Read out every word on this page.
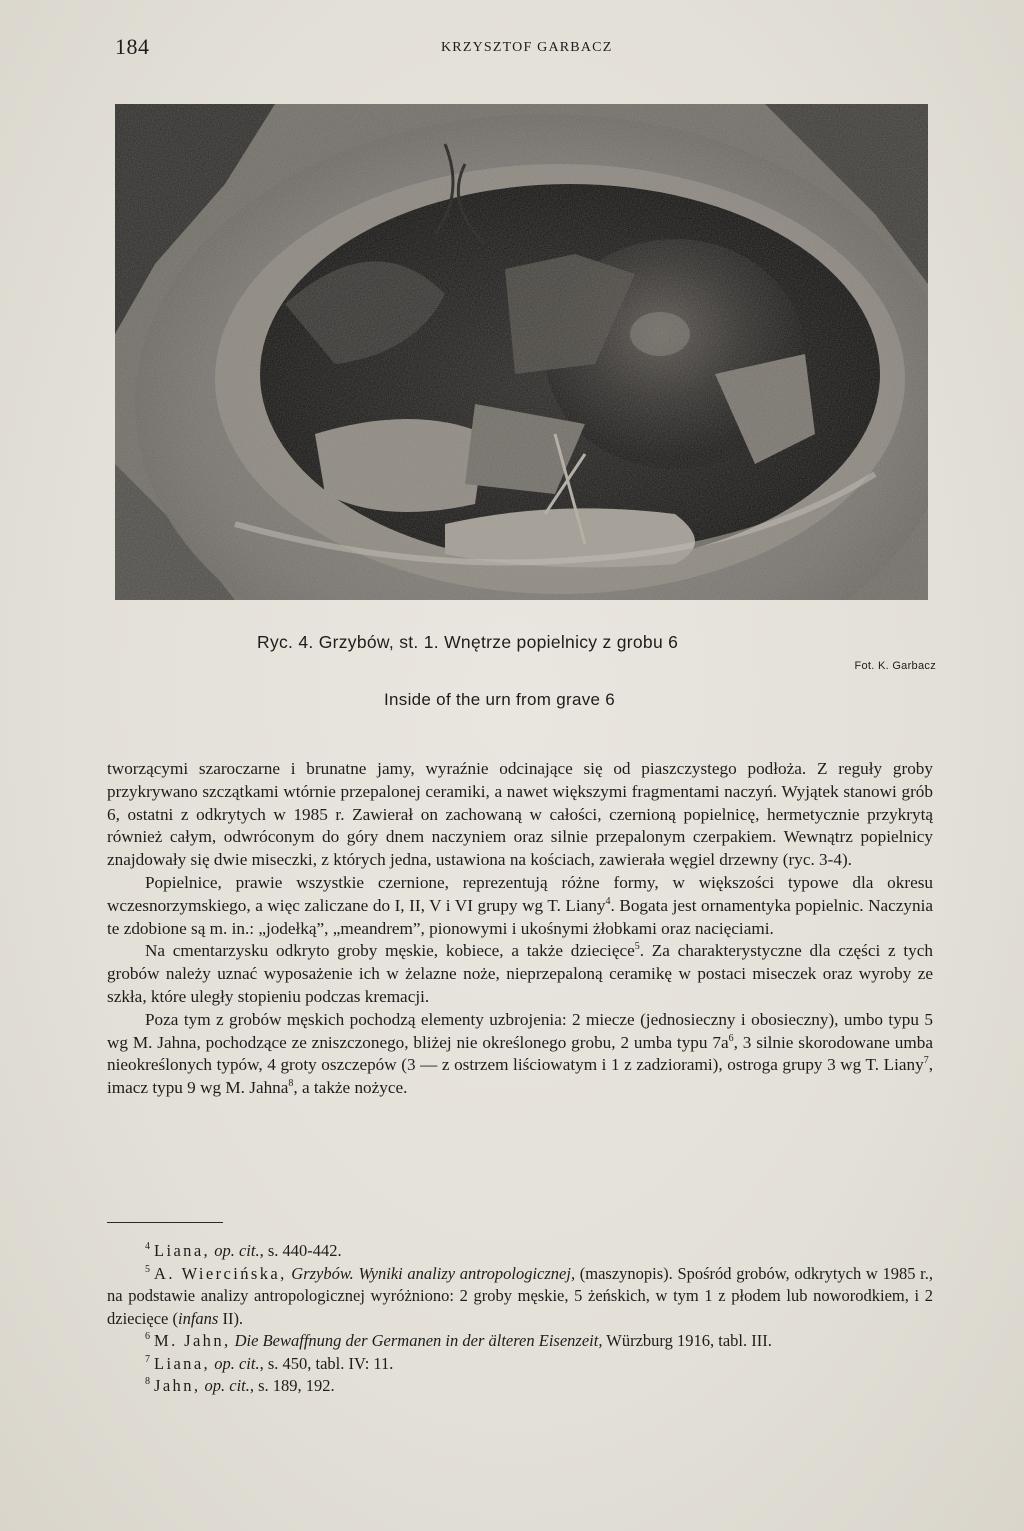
184	KRZYSZTOF GARBACZ
Ryc. 4. Grzybów, st. 1. Wnętrze popielnicy z grobu 6
Fot. K. Garbacz
Inside of the urn from grave 6

tworzącymi szaroczarne i brunatne jamy, wyraźnie odcinające się od piaszczystego podłoża. Z reguły groby przykrywano szczątkami wtórnie przepalonej ceramiki, a nawet większymi fragmentami naczyń. Wyjątek stanowi grób 6, ostatni z odkrytych w 1985 r. Zawierał on zachowaną w całości, czernioną popielnicę, hermetycznie przykrytą również całym, odwróconym do góry dnem naczyniem oraz silnie przepalonym czerpakiem. Wewnątrz popielnicy znajdowały się dwie miseczki, z których jedna, ustawiona na kościach, zawierała węgiel drzewny (ryc. 3-4).

Popielnice, prawie wszystkie czernione, reprezentują różne formy, w większości typowe dla okresu wczesnorzymskiego, a więc zaliczane do I, II, V i VI grupy wg T. Liany$^4$. Bogata jest ornamentyka popielnic. Naczynia te zdobione są m. in.: „jodełką”, „meandrem”, pionowymi i ukośnymi żłobkami oraz nacięciami.

Na cmentarzysku odkryto groby męskie, kobiece, a także dziecięce$^5$. Za charakterystyczne dla części z tych grobów należy uznać wyposażenie ich w żelazne noże, nieprzepaloną ceramikę w postaci miseczek oraz wyroby ze szkła, które uległy stopieniu podczas kremacji.

Poza tym z grobów męskich pochodzą elementy uzbrojenia: 2 miecze (jednosieczny i obosieczny), umbo typu 5 wg M. Jahna, pochodzące ze zniszczonego, bliżej nie określonego grobu, 2 umba typu $7a^6$, 3 silnie skorodowane umba nieokreślonych typów, 4 groty oszczepów (3 — z ostrzem liściowatym i 1 z zadziorami), ostroga grupy 3 wg T. Liany$^7$, imacz typu 9 wg M. Jahna$^8$, a także nożyce.

$^4$ Liana, op. cit., s. 440-442.

$^5$ A. Wiercińska, Grzybów. Wyniki analizy antropologicznej, (maszynopis). Spośród grobów, odkrytych w 1985 r., na podstawie analizy antropologicznej wyróżniono: 2 groby męskie, 5 żeńskich, w tym 1 z płodem lub noworodkiem, i 2 dziecięce (infans II).

$^6$ M. Jahn, Die Bewaffnung der Germanen in der älteren Eisenzeit, Würzburg 1916, tabl. III.

$^7$ Liana, op. cit., s. 450, tabl. IV: 11.

$^8$ Jahn, op. cit., s. 189, 192.
